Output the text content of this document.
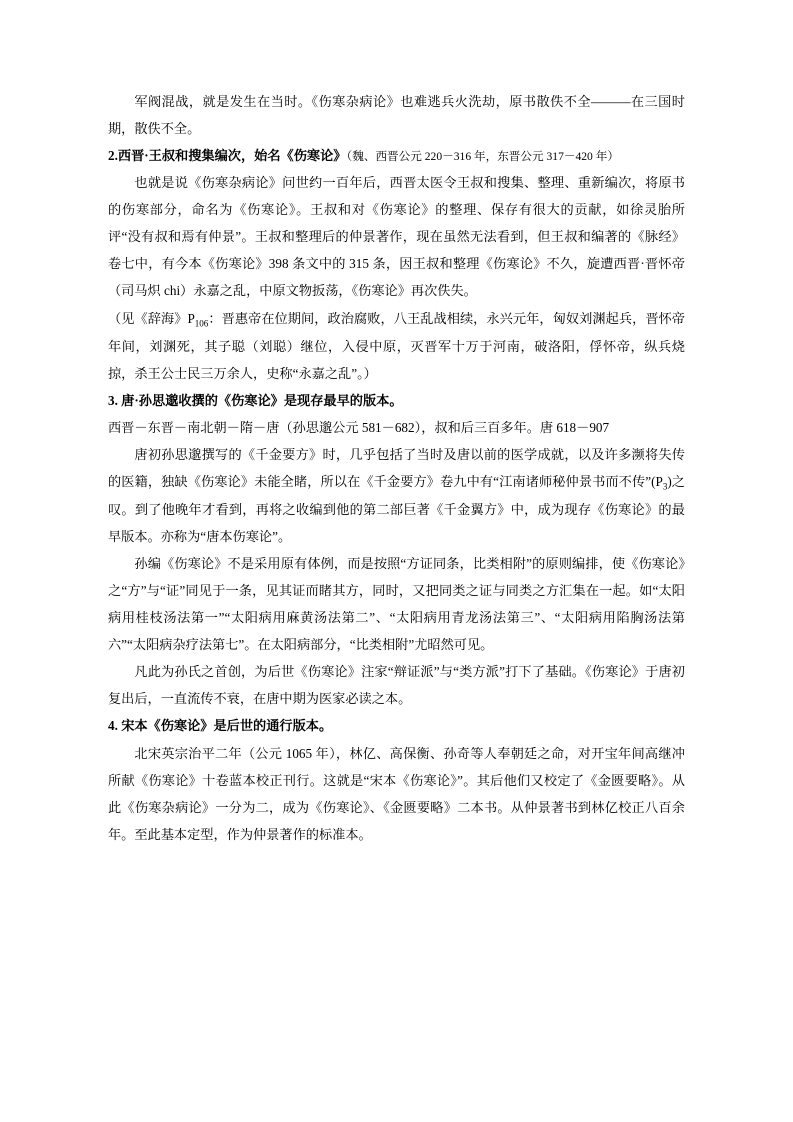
军阀混战，就是发生在当时。《伤寒杂病论》也难逃兵火洗劫，原书散佚不全———在三国时期，散佚不全。

2.西晋·王叔和搜集编次，始名《伤寒论》（魏、西晋公元 220－316 年，东晋公元 317－420 年）

也就是说《伤寒杂病论》问世约一百年后，西晋太医令王叔和搜集、整理、重新编次，将原书的伤寒部分，命名为《伤寒论》。王叔和对《伤寒论》的整理、保存有很大的贡献，如徐灵胎所评“没有叔和焉有仲景”。王叔和整理后的仲景著作，现在虽然无法看到，但王叔和编著的《脉经》卷七中，有今本《伤寒论》398 条文中的 315 条，因王叔和整理《伤寒论》不久，旋遭西晋·晋怀帝（司马炽 chi）永嘉之乱，中原文物扳荡，《伤寒论》再次佚失。

（见《辞海》$P_{106}$：晋惠帝在位期间，政治腐败，八王乱战相续，永兴元年，匈奴刘渊起兵，晋怀帝年间，刘渊死，其子聪（刘聪）继位，入侵中原，灭晋军十万于河南，破洛阳，俘怀帝，纵兵烧掠，杀王公士民三万余人，史称“永嘉之乱”。）

3. 唐·孙思邈收撰的《伤寒论》是现存最早的版本。

西晋－东晋－南北朝－隋－唐（孙思邈公元 581－682），叔和后三百多年。唐 618－907

唐初孙思邈撰写的《千金要方》时，几乎包括了当时及唐以前的医学成就，以及许多濒将失传的医籍，独缺《伤寒论》未能全睹，所以在《千金要方》卷九中有“江南诸师秘仲景书而不传$”(P_3)$之叹。到了他晚年才看到，再将之收编到他的第二部巨著《千金翼方》中，成为现存《伤寒论》的最早版本。亦称为“唐本伤寒论”。

孙编《伤寒论》不是采用原有体例，而是按照“方证同条，比类相附”的原则编排，使《伤寒论》之“方”与“证”同见于一条，见其证而睹其方，同时，又把同类之证与同类之方汇集在一起。如“太阳病用桂枝汤法第一”“太阳病用麻黄汤法第二”、“太阳病用青龙汤法第三”、“太阳病用陷胸汤法第六”“太阳病杂疗法第七”。在太阳病部分，“比类相附”尤昭然可见。

凡此为孙氏之首创，为后世《伤寒论》注家“辩证派”与“类方派”打下了基础。《伤寒论》于唐初复出后，一直流传不衰，在唐中期为医家必读之本。

4. 宋本《伤寒论》是后世的通行版本。

北宋英宗治平二年（公元 1065 年），林亿、高保衡、孙奇等人奉朝廷之命，对开宝年间高继冲所献《伤寒论》十卷蓝本校正刊行。这就是“宋本《伤寒论》”。其后他们又校定了《金匮要略》。从此《伤寒杂病论》一分为二，成为《伤寒论》、《金匮要略》二本书。从仲景著书到林亿校正八百余年。至此基本定型，作为仲景著作的标准本。
